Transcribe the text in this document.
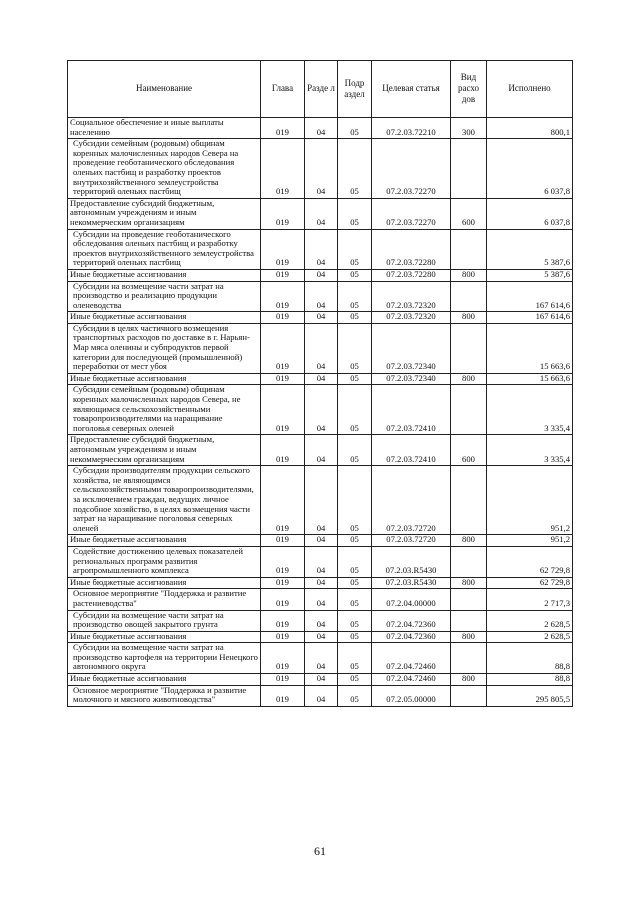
Наименование	Глава	Разде л	Подр аздел	Целевая статья	Вид расхо дов	Исполнено
Социальное обеспечение и иные выплаты населению	019	04	05	07.2.03.72210	300	800,1
Субсидии семейным (родовым) общинам коренных малочисленных народов Севера на проведение геоботанического обследования оленьих пастбищ и разработку проектов внутрихозяйственного землеустройства территорий оленьих пастбищ	019	04	05	07.2.03.72270		6 037,8
Предоставление субсидий бюджетным, автономным учреждениям и иным некоммерческим организациям	019	04	05	07.2.03.72270	600	6 037,8
Субсидии на проведение геоботанического обследования оленьих пастбищ и разработку проектов внутрихозяйственного землеустройства территорий оленьих пастбищ	019	04	05	07.2.03.72280		5 387,6
Иные бюджетные ассигнования	019	04	05	07.2.03.72280	800	5 387,6
Субсидии на возмещение части затрат на производство и реализацию продукции оленеводства	019	04	05	07.2.03.72320		167 614,6
Иные бюджетные ассигнования	019	04	05	07.2.03.72320	800	167 614,6
Субсидии в целях частичного возмещения транспортных расходов по доставке в г. Нарьян-Мар мяса оленины и субпродуктов первой категории для последующей (промышленной) переработки от мест убоя	019	04	05	07.2.03.72340		15 663,6
Иные бюджетные ассигнования	019	04	05	07.2.03.72340	800	15 663,6
Субсидии семейным (родовым) общинам коренных малочисленных народов Севера, не являющимся сельскохозяйственными товаропроизводителями на наращивание поголовья северных оленей	019	04	05	07.2.03.72410		3 335,4
Предоставление субсидий бюджетным, автономным учреждениям и иным некоммерческим организациям	019	04	05	07.2.03.72410	600	3 335,4
Субсидии производителям продукции сельского хозяйства, не являющимся сельскохозяйственными товаропроизводителями, за исключением граждан, ведущих личное подсобное хозяйство, в целях возмещения части затрат на наращивание поголовья северных оленей	019	04	05	07.2.03.72720		951,2
Иные бюджетные ассигнования	019	04	05	07.2.03.72720	800	951,2
Содействие достижению целевых показателей региональных программ развития агропромышленного комплекса	019	04	05	07.2.03.R5430		62 729,8
Иные бюджетные ассигнования	019	04	05	07.2.03.R5430	800	62 729,8
Основное мероприятие "Поддержка и развитие растениеводства"	019	04	05	07.2.04.00000		2 717,3
Субсидии на возмещение части затрат на производство овощей закрытого грунта	019	04	05	07.2.04.72360		2 628,5
Иные бюджетные ассигнования	019	04	05	07.2.04.72360	800	2 628,5
Субсидии на возмещение части затрат на производство картофеля на территории Ненецкого автономного округа	019	04	05	07.2.04.72460		88,8
Иные бюджетные ассигнования	019	04	05	07.2.04.72460	800	88,8
Основное мероприятие "Поддержка и развитие молочного и мясного животноводства"	019	04	05	07.2.05.00000		295 805,5
61
